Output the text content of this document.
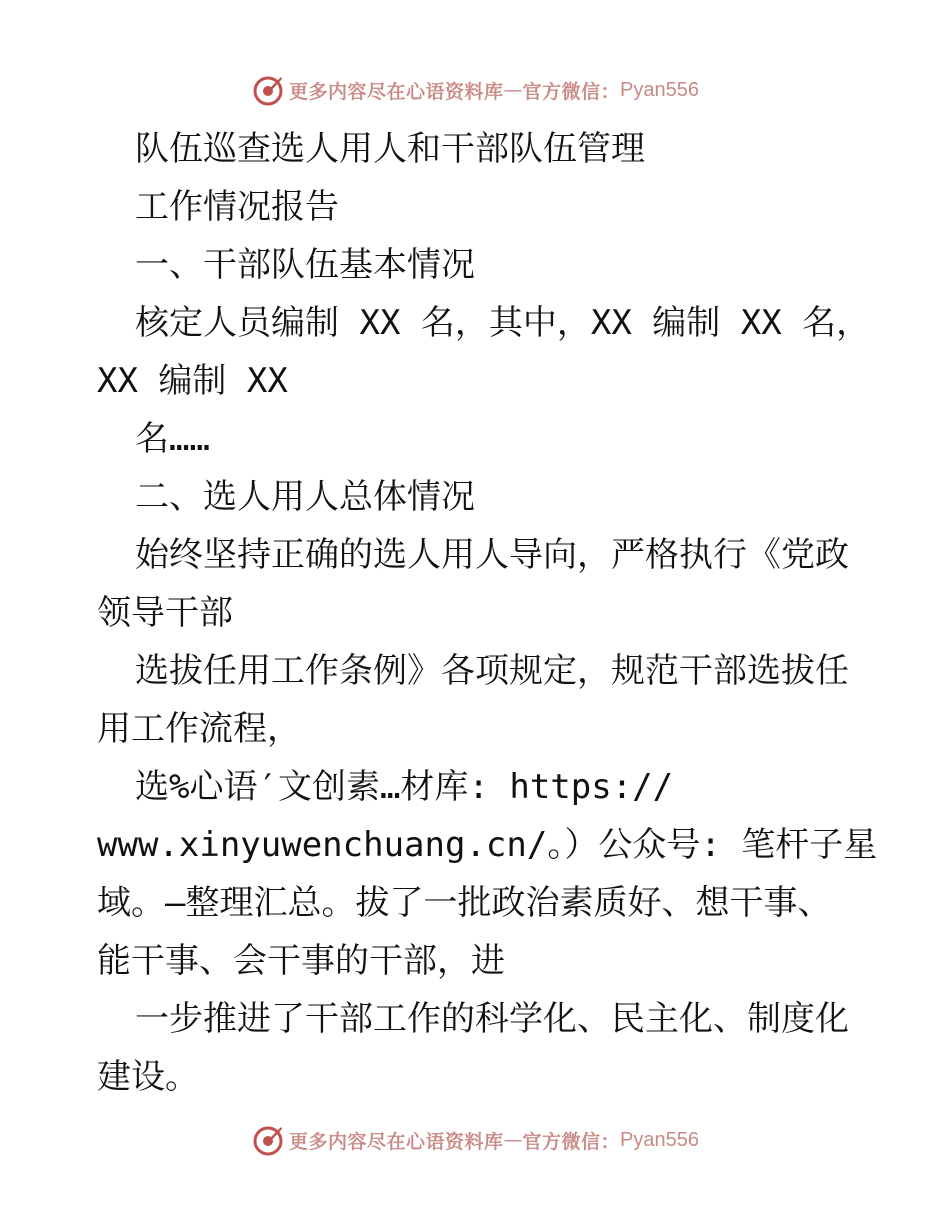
更多内容尽在心语资料库 — 官方微信： Pyan556
队伍巡查选人用人和干部队伍管理
工作情况报告
一、干部队伍基本情况
核定人员编制 XX 名，其中，XX 编制 XX 名，
XX 编制 XX
名……
二、选人用人总体情况
始终坚持正确的选人用人导向，严格执行《党政
领导干部
选拔任用工作条例》各项规定，规范干部选拔任
用工作流程，
选%心语′文创素…材库: https://
www.xinyuwenchuang.cn/。）公众号: 笔杆子星
域。—整理汇总。拔了一批政治素质好、想干事、
能干事、会干事的干部，进
一步推进了干部工作的科学化、民主化、制度化
建设。
更多内容尽在心语资料库 — 官方微信： Pyan556
